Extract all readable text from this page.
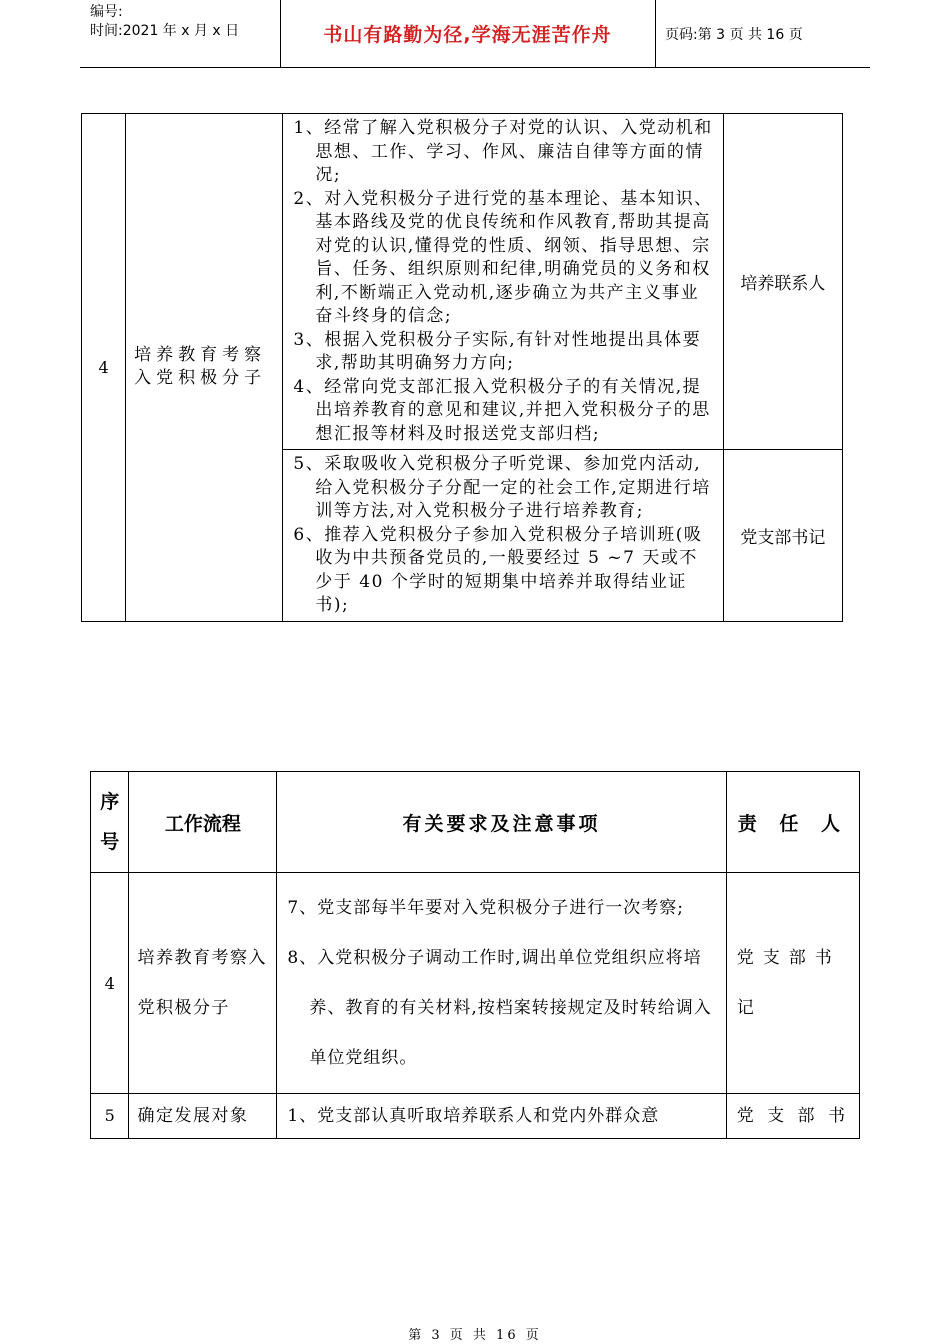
编号:
时间:2021 年 x 月 x 日	书山有路勤为径,学海无涯苦作舟	页码:第 3 页 共 16 页
4	培养教育考察入党积极分子	1、经常了解入党积极分子对党的认识、入党动机和思想、工作、学习、作风、廉洁自律等方面的情况;
2、对入党积极分子进行党的基本理论、基本知识、基本路线及党的优良传统和作风教育,帮助其提高对党的认识,懂得党的性质、纲领、指导思想、宗旨、任务、组织原则和纪律,明确党员的义务和权利,不断端正入党动机,逐步确立为共产主义事业奋斗终身的信念;
3、根据入党积极分子实际,有针对性地提出具体要求,帮助其明确努力方向;
4、经常向党支部汇报入党积极分子的有关情况,提出培养教育的意见和建议,并把入党积极分子的思想汇报等材料及时报送党支部归档;	培养联系人

		5、采取吸收入党积极分子听党课、参加党内活动,给入党积极分子分配一定的社会工作,定期进行培训等方法,对入党积极分子进行培养教育;
6、推荐入党积极分子参加入党积极分子培训班(吸收为中共预备党员的,一般要经过 5 ~7 天或不少于 40 个学时的短期集中培养并取得结业证书);	党支部书记
序号	工作流程	有关要求及注意事项	责 任 人
4	培养教育考察入党积极分子	7、党支部每半年要对入党积极分子进行一次考察;
8、入党积极分子调动工作时,调出单位党组织应将培养、教育的有关材料,按档案转接规定及时转给调入单位党组织。	党支部书记
5	确定发展对象	1、党支部认真听取培养联系人和党内外群众意	党 支 部 书
第 3 页 共 16 页
